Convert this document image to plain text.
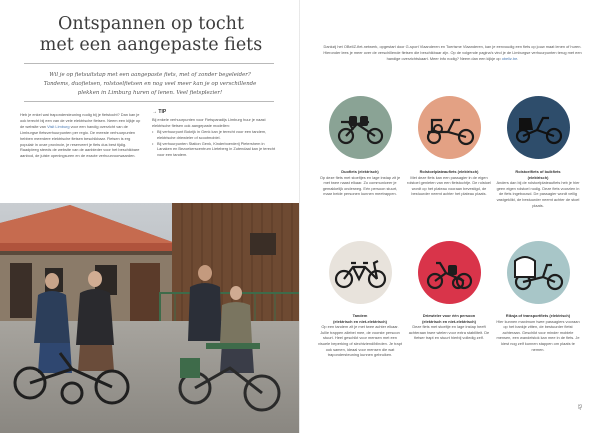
Ontspannen op tocht
met een aangepaste fiets
Wil je op fietsuitstap met een aangepaste fiets, met of zonder begeleider?
Tandems, duofietsen, rolstoelfietsen en nog veel meer kan je op verschillende
plekken in Limburg huren of lenen. Veel fietsplezier!
Heb je enkel wat trapondersteuning nodig bij je fietstocht? Dan kan je ook terecht bij een van de vele elektrische fietsen. Neem een kijkje op de website van Visit Limburg voor een handig overzicht van de Limburgse fietsverhuurpunten per regio. De meeste verhuurpunten hebben meerdere elektrische fietsen beschikbaar. Fietsen is erg populair in onze provincie, je reserveert je fiets dus best tijdig. Raadpleeg steeds de website van de aanbieder voor het beschikbare aanbod, de juiste openingsuren en de exacte verhuurvoorwaarden.
→ TIP
Bij enkele verhuurpunten voor Fietsparadijs Limburg huur je naast elektrische fietsen ook aangepaste modellen:
• Bij verhuurpunt Bokrijk in Genk kan je terecht voor een tandem, elektrische driewieler of scootmobiel.
• Bij verhuurpunten Station Genk, Kinderboerderij Pietershem in Lanaken en Bezoekerscentrum Lieteberg in Zutendaal kan je terecht voor een tandem.
Dankzij het OBelIZ-fiet-netwerk, opgestart door G-sport Vlaanderen en Toerisme Vlaanderen, kan je eenvoudig een fiets op jouw maat lenen of huren. Hieronder lees je meer over de verschillende fietsen die beschikbaar zijn. Op de volgende pagina's vind je de Limburgse verhuurpunten terug met een handige overzichtskaart. Meer info nodig? Neem dan een kijkje op obeliz.be.
Duofiets (elektrisch)
Op deze fiets met stoeltjes en lage instap zit je met twee naast elkaar. Zo communiceer je gemakkelijk onderweg. Eén persoon stuurt, maar beide personen kunnen meetrappen.
Rolstoelplateaufiets (elektrisch)
Met deze fiets kan een passagier in de eigen rolstoel genieten van een fietstochtje. De rolstoel wordt op het plateau vooraan bevestigd, de bestuurder neemt achter het plateau plaats.
Rolstoelfiets of buikfiets
(elektrisch)
Anders dan bij de rolstoelplateaufiets heb je hier geen eigen rolstoel nodig. Deze fiets voorzien in de fiets ingebouwd. De passagier wordt veilig vastgeklikt, de bestuurder neemt achter de stoel plaats.
Tandem
(elektrisch en niet-elektrisch)
Op een tandem zit je met twee achter elkaar. Jullie trappen allebei mee, de voorste persoon stuurt. Heel geschikt voor mensen met een visuele beperking of slechtziend/blinden. Je trapt ook samen, ideaal voor mensen die wat trapondersteuning kunnen gebruiken.
Driewieler voor één persoon
(elektrisch en niet-elektrisch)
Deze fiets met stoeltje en lage instap heeft achteraan twee wielen voor extra stabiliteit. De fietser trapt en stuurt hierbij volledig zelf.
Riksja of transportfiets (elektrisch)
Hier kunnen maximum twee passagiers vooraan op het bankje zitten, de bestuurder fietst achteraan. Geschikt voor minder mobiele mensen, een wandelstok kan mee in de fiets. Je kiest nog zelf kunnen stappen om plaats te nemen.
43
